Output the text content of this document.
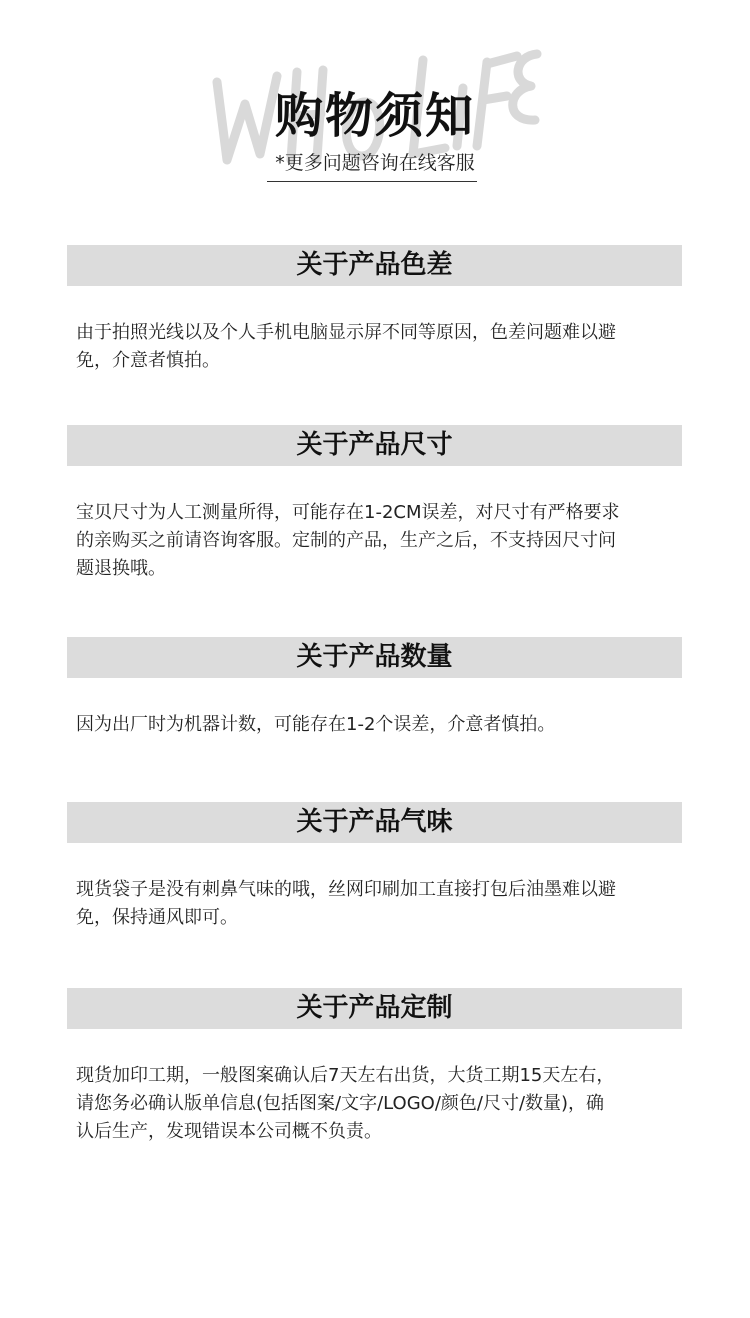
购物须知
*更多问题咨询在线客服
关于产品色差
由于拍照光线以及个人手机电脑显示屏不同等原因，色差问题难以避
免，介意者慎拍。
关于产品尺寸
宝贝尺寸为人工测量所得，可能存在1-2CM误差，对尺寸有严格要求
的亲购买之前请咨询客服。定制的产品，生产之后，不支持因尺寸问
题退换哦。
关于产品数量
因为出厂时为机器计数，可能存在1-2个误差，介意者慎拍。
关于产品气味
现货袋子是没有刺鼻气味的哦，丝网印刷加工直接打包后油墨难以避
免，保持通风即可。
关于产品定制
现货加印工期，一般图案确认后7天左右出货，大货工期15天左右，
请您务必确认版单信息(包括图案/文字/LOGO/颜色/尺寸/数量)，确
认后生产，发现错误本公司概不负责。
